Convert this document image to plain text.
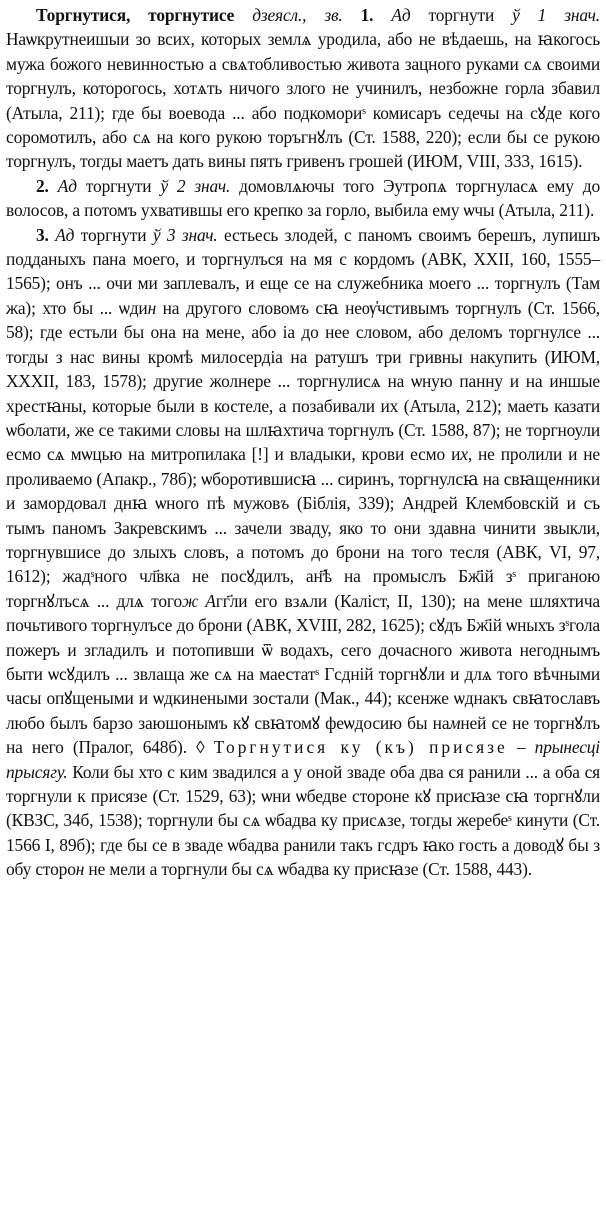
Торгнутися, торгнутисе дзеясл., зв. 1. Ад торгнути ў 1 знач. Наѡкрутнеишыи зо всих, которых землѧ уродила, або не вѣдаешь, на ꙗкогось мужа божого невинностью а свѧтобливостью живота зацного руками сѧ своими торгнулъ, которогось, хотѧть ничого злого не учинилъ, незбожне горла збавил (Атыла, 211); где бы воевода ... або подкомориˢ комисаръ седечы на сꙋде кого соромотилъ, або сѧ на кого рукою торъгнꙋлъ (Ст. 1588, 220); если бы се рукою торгнулъ, тогды маетъ дать вины пять гривенъ грошей (ИЮМ, VIII, 333, 1615).

2. Ад торгнути ў 2 знач. домовлѧючы того Эутропѧ торгнуласѧ ему до волосов, а потомъ ухватившы его крепко за горло, выбила ему ѡчы (Атыла, 211).

3. Ад торгнути ў 3 знач. естьесь злодей, с паномъ своимъ берешъ, лупишъ подданыхъ пана моего, и торгнулъся на мя с кордомъ (АВК, XXII, 160, 1555–1565); онъ ... очи ми заплевалъ, и еще се на служебника моего ... торгнулъ (Там жа); хто бы ... ѡдин на другого словомъ сꙗ неѹ҆чстивымъ торгнулъ (Ст. 1566, 58); где естьли бы она на мене, або iа до нее словом, або деломъ торгнулсе ... тогды з нас вины кромѣ милосердiа на ратушъ три гривны накупить (ИЮМ, XXXII, 183, 1578); другие жолнере ... торгнулисѧ на ѡную панну и на иншые хрестꙗны, которые были в костеле, а позабивали их (Атыла, 212); маеть казати ѡболати, же се такими словы на шлꙗхтича торгнулъ (Ст. 1588, 87); не торгноули есмо сѧ мѡцью на митропилака [!] и владыки, крови есмо их, не пролили и не проливаемо (Апакр., 78б); ѡборотившисꙗ ... сиринъ, торгнулсꙗ на свꙗщенники и замордовал днꙗ ѡного пѣ мужовъ (Біблія, 339); Андрей Клембовскій и съ тымъ паномъ Закревскимъ ... зачели звaду, яко то они здавна чинити звыкли, торгнувшисе до злыхъ словъ, а потомъ до брони на того тесля (АВК, VI, 97, 1612); жадˢного чл҃вка не посꙋдилъ, ан҃ѣ на промыслъ Бж҃ій зˢ приганою торгнꙋлъсѧ ... длѧ тогож Агг҃ли его взѧли (Каліст, II, 130); на мене шляхтича почьтивого торгнулъсе до брони (АВК, XVIII, 282, 1625); сꙋдъ Бж҃ій ѡныхъ зˢгола пожеръ и згладилъ и потопивши ѿ водахъ, сего дочасного живота негоднымъ быти ѡсꙋдилъ ... звлаща же сѧ на маестатˢ Гсдній торгнꙋли и длѧ того вѣчными часы опꙋщеными и ѡдкинеными зостали (Мак., 44); ксенже ѡднакъ свꙗтославъ любо былъ барзо заюшонымъ кꙋ свꙗтомꙋ феѡдосию бы намней се не торгнꙋлъ на него (Пралог, 648б). ◊ Торгнутися ку (къ) присязе – прынесці прысягу. Коли бы хто с ким звадился а у оной зваде оба два ся ранили ... а оба ся торгнули к присязе (Ст. 1529, 63); ѡни ѡбедве стороне кꙋ присꙗзе сꙗ торгнꙋли (КВЗС, 34б, 1538); торгнули бы сѧ ѡбадва ку присѧзе, тогды жеребеˢ кинути (Ст. 1566 I, 89б); где бы се в зваде ѡбадва ранили такъ гсдръ ꙗко гость а доводꙋ бы з обу сторон не мели а торгнули бы сѧ ѡбадва ку присꙗзе (Ст. 1588, 443).
